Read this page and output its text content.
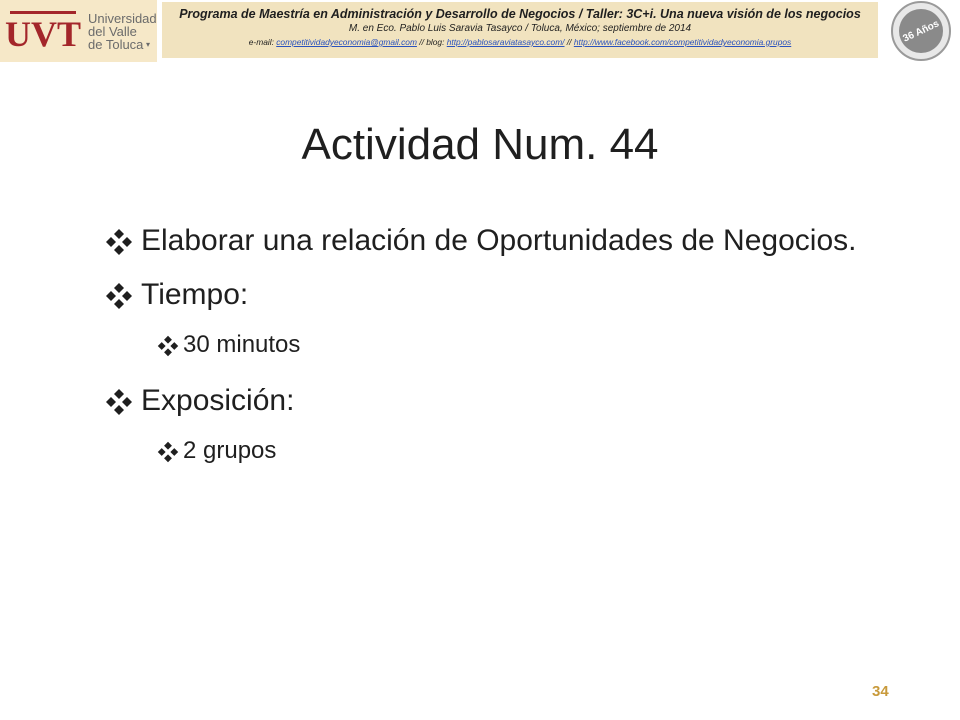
UVT Universidad
del Valle
de Toluca ▾
Programa de Maestría en Administración y Desarrollo de Negocios / Taller: 3C+i. Una nueva visión de los negocios
M. en Eco. Pablo Luis Saravia Tasayco / Toluca, México; septiembre de 2014
e-mail: competitividadyeconomia@gmail.com // blog: http://pablosaraviatasayco.com/ // http://www.facebook.com/competitividadyeconomia.grupos	36 Años
Actividad Num. 44
Elaborar una relación de Oportunidades de Negocios.
Tiempo:
30 minutos
Exposición:
2 grupos
34
